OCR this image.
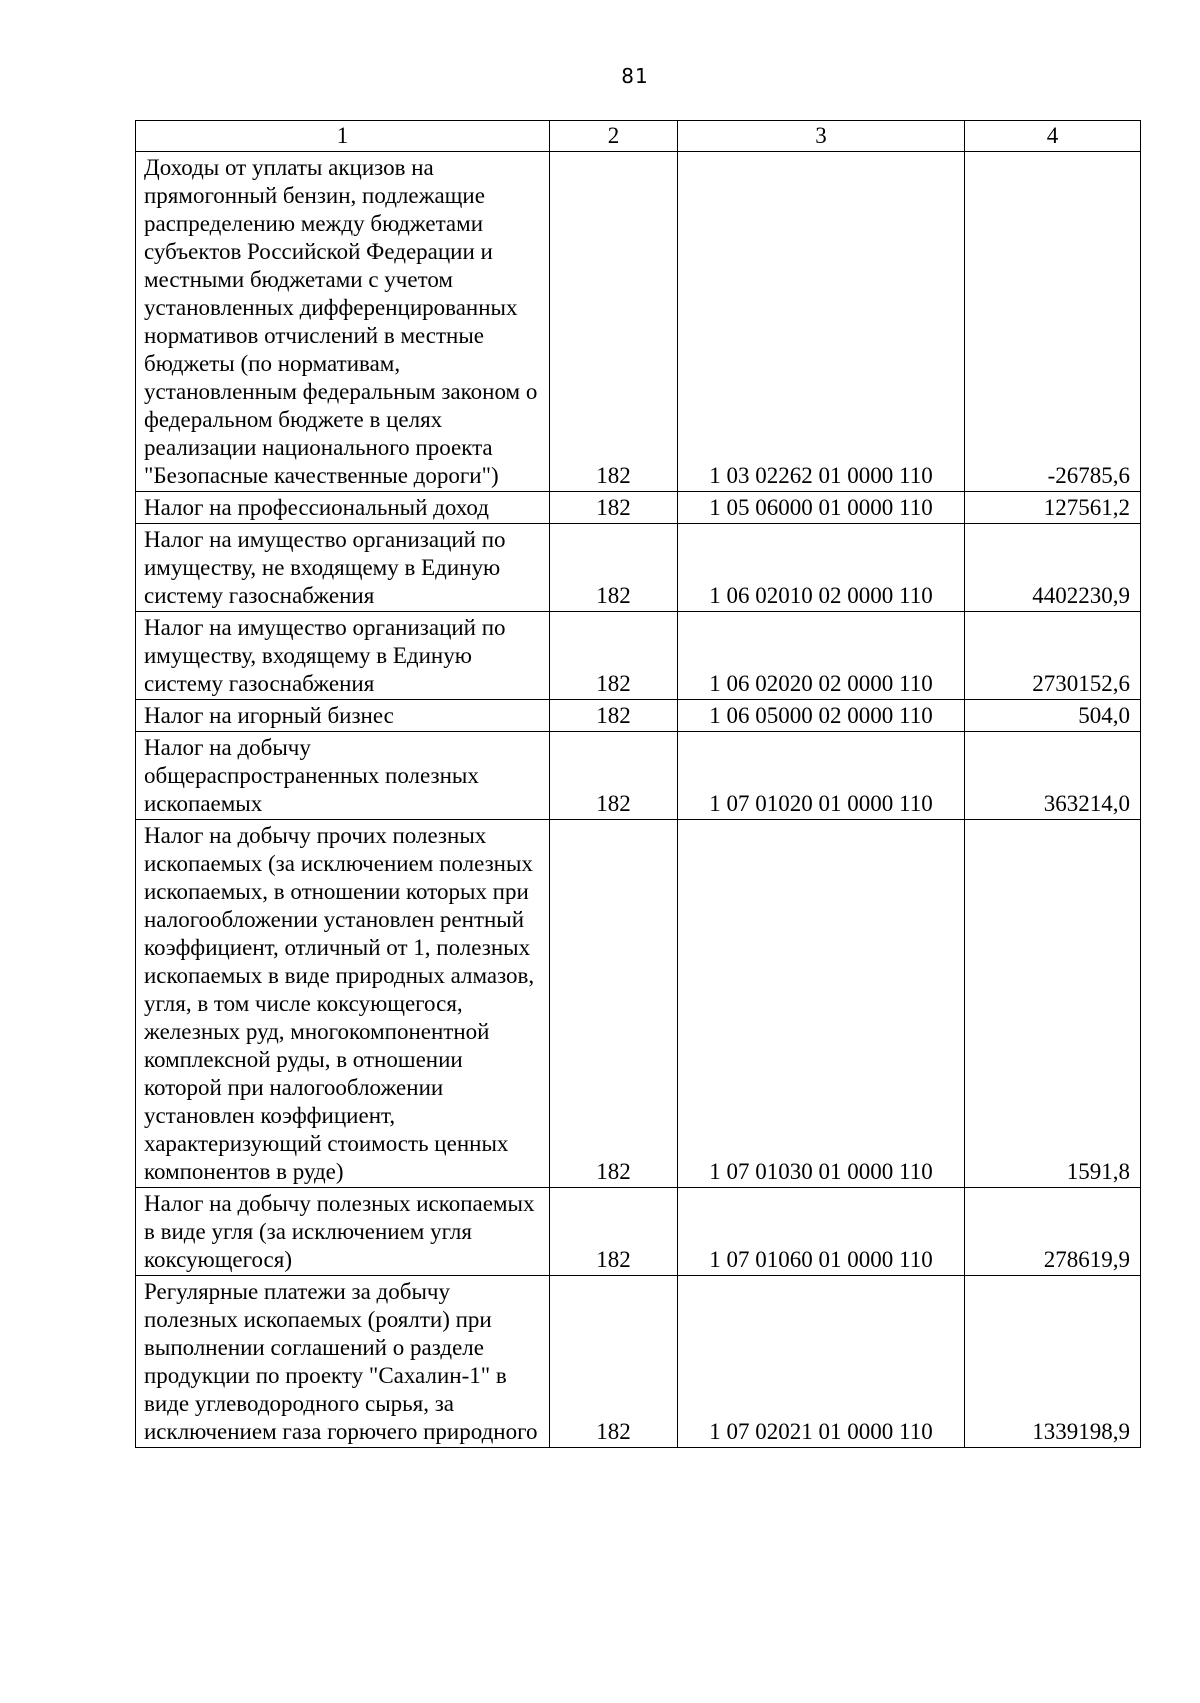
81
1	2	3	4
Доходы от уплаты акцизов на прямогонный бензин, подлежащие распределению между бюджетами субъектов Российской Федерации и местными бюджетами с учетом установленных дифференцированных нормативов отчислений в местные бюджеты (по нормативам, установленным федеральным законом о федеральном бюджете в целях реализации национального проекта "Безопасные качественные дороги")	182	1 03 02262 01 0000 110	-26785,6
Налог на профессиональный доход	182	1 05 06000 01 0000 110	127561,2
Налог на имущество организаций по имуществу, не входящему в Единую систему газоснабжения	182	1 06 02010 02 0000 110	4402230,9
Налог на имущество организаций по имуществу, входящему в Единую систему газоснабжения	182	1 06 02020 02 0000 110	2730152,6
Налог на игорный бизнес	182	1 06 05000 02 0000 110	504,0
Налог на добычу общераспространенных полезных ископаемых	182	1 07 01020 01 0000 110	363214,0
Налог на добычу прочих полезных ископаемых (за исключением полезных ископаемых, в отношении которых при налогообложении установлен рентный коэффициент, отличный от 1, полезных ископаемых в виде природных алмазов, угля, в том числе коксующегося, железных руд, многокомпонентной комплексной руды, в отношении которой при налогообложении установлен коэффициент, характеризующий стоимость ценных компонентов в руде)	182	1 07 01030 01 0000 110	1591,8
Налог на добычу полезных ископаемых в виде угля (за исключением угля коксующегося)	182	1 07 01060 01 0000 110	278619,9
Регулярные платежи за добычу полезных ископаемых (роялти) при выполнении соглашений о разделе продукции по проекту "Сахалин-1" в виде углеводородного сырья, за исключением газа горючего природного	182	1 07 02021 01 0000 110	1339198,9
